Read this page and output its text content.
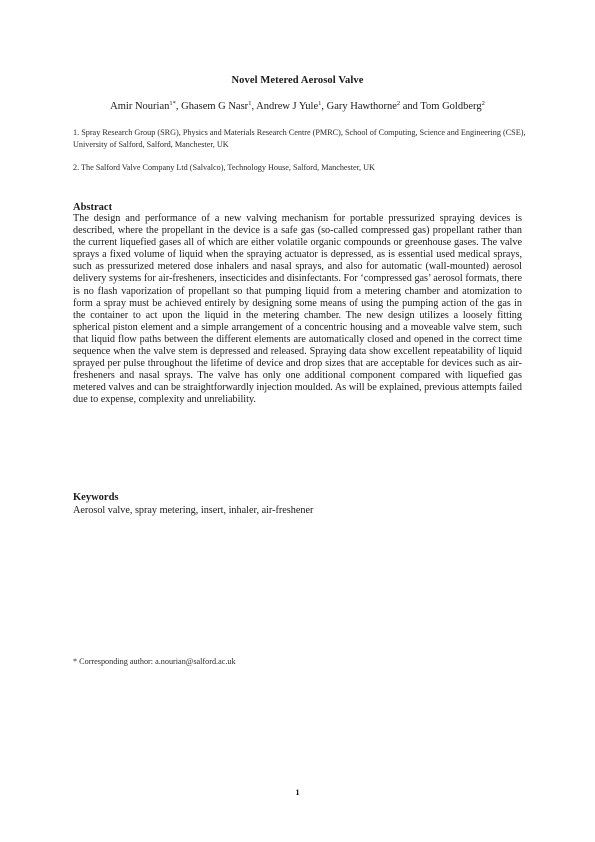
Novel Metered Aerosol Valve
Amir Nourian$^{1*}$, Ghasem G Nasr$^1$, Andrew J Yule$^1$, Gary Hawthorne$^2$ and Tom Goldberg$^2$
1. Spray Research Group (SRG), Physics and Materials Research Centre (PMRC), School of Computing, Science and Engineering (CSE), University of Salford, Salford, Manchester, UK
2. The Salford Valve Company Ltd (Salvalco), Technology House, Salford, Manchester, UK
Abstract
The design and performance of a new valving mechanism for portable pressurized spraying devices is described, where the propellant in the device is a safe gas (so-called compressed gas) propellant rather than the current liquefied gases all of which are either volatile organic compounds or greenhouse gases. The valve sprays a fixed volume of liquid when the spraying actuator is depressed, as is essential used medical sprays, such as pressurized metered dose inhalers and nasal sprays, and also for automatic (wall-mounted) aerosol delivery systems for air-fresheners, insecticides and disinfectants. For ‘compressed gas’ aerosol formats, there is no flash vaporization of propellant so that pumping liquid from a metering chamber and atomization to form a spray must be achieved entirely by designing some means of using the pumping action of the gas in the container to act upon the liquid in the metering chamber. The new design utilizes a loosely fitting spherical piston element and a simple arrangement of a concentric housing and a moveable valve stem, such that liquid flow paths between the different elements are automatically closed and opened in the correct time sequence when the valve stem is depressed and released. Spraying data show excellent repeatability of liquid sprayed per pulse throughout the lifetime of device and drop sizes that are acceptable for devices such as air-fresheners and nasal sprays. The valve has only one additional component compared with liquefied gas metered valves and can be straightforwardly injection moulded. As will be explained, previous attempts failed due to expense, complexity and unreliability.
Keywords
Aerosol valve, spray metering, insert, inhaler, air-freshener
* Corresponding author: a.nourian@salford.ac.uk
1
